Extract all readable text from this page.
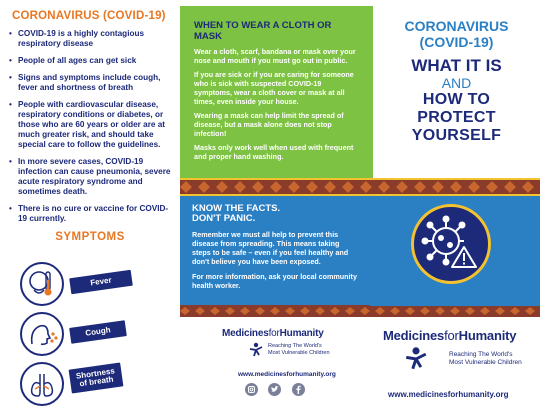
CORONAVIRUS (COVID-19)
• COVID-19 is a highly contagious respiratory disease
• People of all ages can get sick
• Signs and symptoms include cough, fever and shortness of breath
• People with cardiovascular disease, respiratory conditions or diabetes, or those who are 60 years or older are at much greater risk, and should take special care to follow the guidelines.
• In more severe cases, COVID-19 infection can cause pneumonia, severe acute respiratory syndrome and sometimes death.
• There is no cure or vaccine for COVID-19 currently.
SYMPTOMS
Fever
Cough
Shortness of breath
WHEN TO WEAR A CLOTH OR MASK

Wear a cloth, scarf, bandana or mask over your nose and mouth if you must go out in public.

If you are sick or if you are caring for someone who is sick with suspected COVID-19 symptoms, wear a cloth cover or mask at all times, even inside your house.

Wearing a mask can help limit the spread of disease, but a mask alone does not stop infection!

Masks only work well when used with frequent and proper hand washing.

KNOW THE FACTS.
DON'T PANIC.

Remember we must all help to prevent this disease from spreading. This means taking steps to be safe – even if you feel healthy and don't believe you have been exposed.

For more information, ask your local community health worker.

CORONAVIRUS
(COVID-19)
WHAT IT IS
AND
HOW TO
PROTECT
YOURSELF
MedicinesforHumanity
Reaching The World's
Most Vulnerable Children
www.medicinesforhumanity.org

MedicinesforHumanity
Reaching The World's
Most Vulnerable Children
www.medicinesforhumanity.org
